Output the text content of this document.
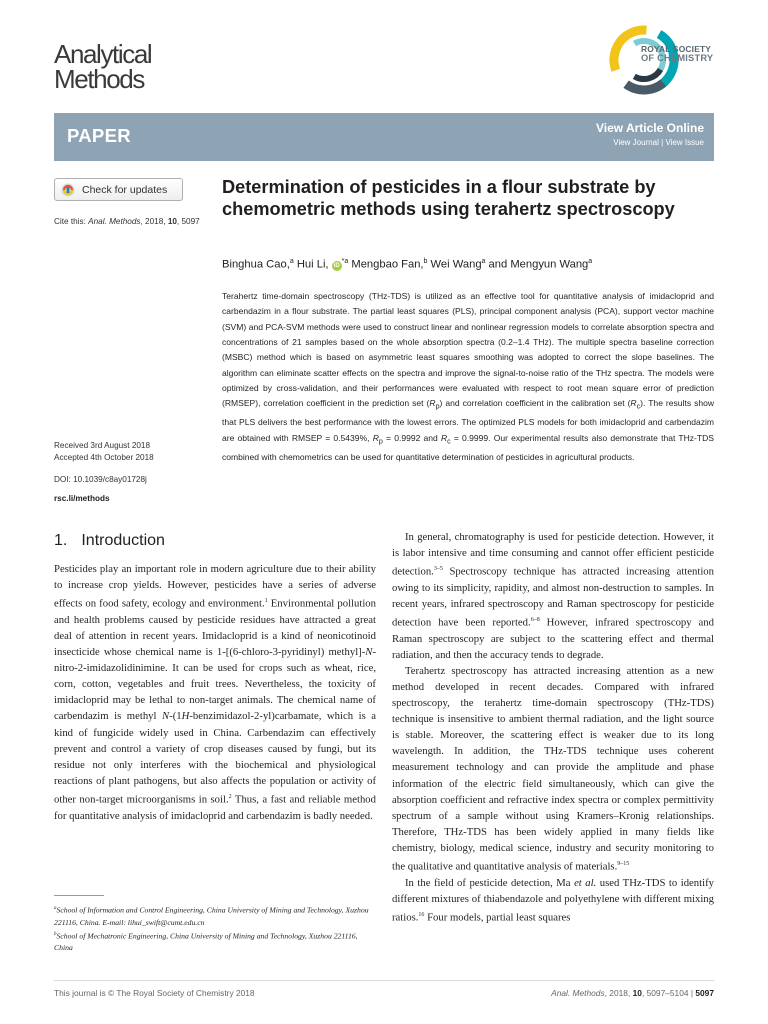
Analytical
Methods
ROYAL SOCIETY
OF CHEMISTRY
PAPER	View Article Online
View Journal | View Issue
Check for updates
Cite this: Anal. Methods, 2018, 10, 5097
Received 3rd August 2018
Accepted 4th October 2018
DOI: 10.1039/c8ay01728j
rsc.li/methods
Determination of pesticides in a flour substrate by chemometric methods using terahertz spectroscopy
Binghua Cao,$^a$ Hui Li, $iD^{*a}$ Mengbao Fan,$^b$ Wei Wang$^a$ and Mengyun Wang$^a$
Terahertz time-domain spectroscopy (THz-TDS) is utilized as an effective tool for quantitative analysis of imidacloprid and carbendazim in a flour substrate. The partial least squares (PLS), principal component analysis (PCA), support vector machine (SVM) and PCA-SVM methods were used to construct linear and nonlinear regression models to correlate absorption spectra and concentrations of 21 samples based on the whole absorption spectra (0.2–1.4 THz). The multiple spectra baseline correction (MSBC) method which is based on asymmetric least squares smoothing was adopted to correct the slope baselines. The algorithm can eliminate scatter effects on the spectra and improve the signal-to-noise ratio of the THz spectra. The models were optimized by cross-validation, and their performances were evaluated with respect to root mean square error of prediction (RMSEP), correlation coefficient in the prediction set $(R_p)$ and correlation coefficient in the calibration set $(R_c)$. The results show that PLS delivers the best performance with the lowest errors. The optimized PLS models for both imidacloprid and carbendazim are obtained with RMSEP = 0.5439%, $R_p = 0.9992$ and $R_c = 0.9999$. Our experimental results also demonstrate that THz-TDS combined with chemometrics can be used for quantitative determination of pesticides in agricultural products.
1. Introduction

Pesticides play an important role in modern agriculture due to their ability to increase crop yields. However, pesticides have a series of adverse effects on food safety, ecology and environment.$^1$ Environmental pollution and health problems caused by pesticide residues have attracted a great deal of attention in recent years. Imidacloprid is a kind of neonicotinoid insecticide whose chemical name is 1-[(6-chloro-3-pyridinyl) methyl]-N-nitro-2-imidazolidinimine. It can be used for crops such as wheat, rice, corn, cotton, vegetables and fruit trees. Nevertheless, the toxicity of imidacloprid may be lethal to non-target animals. The chemical name of carbendazim is methyl N-(1H-benzimidazol-2-yl)carbamate, which is a kind of fungicide widely used in China. Carbendazim can effectively prevent and control a variety of crop diseases caused by fungi, but its residue not only interferes with the biochemical and physiological reactions of plant pathogens, but also affects the population or activity of other non-target microorganisms in soil.$^2$ Thus, a fast and reliable method for quantitative analysis of imidacloprid and carbendazim is badly needed.

In general, chromatography is used for pesticide detection. However, it is labor intensive and time consuming and cannot offer efficient pesticide detection.$^{3-5}$ Spectroscopy technique has attracted increasing attention owing to its simplicity, rapidity, and almost non-destruction to samples. In recent years, infrared spectroscopy and Raman spectroscopy for pesticide detection have been reported.$^{6-8}$ However, infrared spectroscopy and Raman spectroscopy are subject to the scattering effect and thermal radiation, and then the accuracy tends to degrade.

Terahertz spectroscopy has attracted increasing attention as a new method developed in recent decades. Compared with infrared spectroscopy, the terahertz time-domain spectroscopy (THz-TDS) technique is insensitive to ambient thermal radiation, and the light source is stable. Moreover, the scattering effect is weaker due to its long wavelength. In addition, the THz-TDS technique uses coherent measurement technology and can provide the amplitude and phase information of the electric field simultaneously, which can give the absorption coefficient and refractive index spectra or complex permittivity spectrum of a sample without using Kramers–Kronig relationships. Therefore, THz-TDS has been widely applied in many fields like chemistry, biology, medical science, industry and security monitoring to the qualitative and quantitative analysis of materials.$^{9-15}$

In the field of pesticide detection, Ma et al. used THz-TDS to identify different mixtures of thiabendazole and polyethylene with different mixing ratios.$^{16}$ Four models, partial least squares

$^a$School of Information and Control Engineering, China University of Mining and Technology, Xuzhou 221116, China. E-mail: lihui_swift@cumt.edu.cn
$^b$School of Mechatronic Engineering, China University of Mining and Technology, Xuzhou 221116, China
This journal is © The Royal Society of Chemistry 2018	Anal. Methods, 2018, 10, 5097–5104 | 5097
